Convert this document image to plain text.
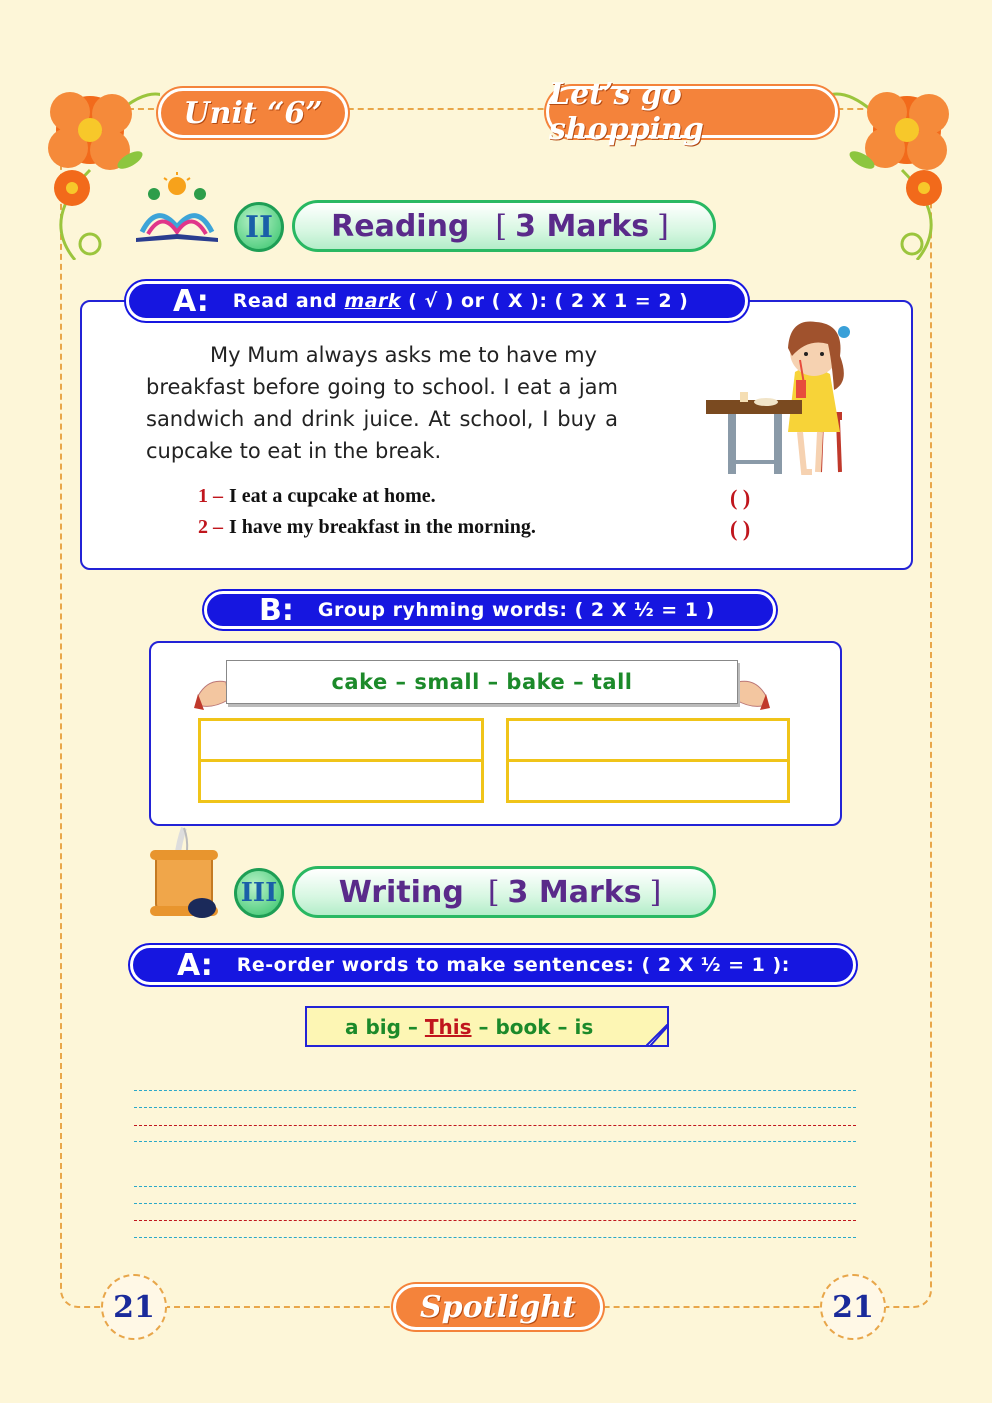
Unit “6”
Let’s go shopping
II	Reading [ 3 Marks ]
A: Read and mark ( √ ) or ( X ): ( 2 X 1 = 2 )
My Mum always asks me to have my
breakfast before going to school. I eat a jam sandwich and drink juice. At school, I buy a cupcake to eat in the break.
1 – I eat a cupcake at home.	( )
2 – I have my breakfast in the morning.	( )
B: Group ryhming words: ( 2 X ½ = 1 )
cake – small – bake – tall
III Writing [ 3 Marks ]
A: Re-order words to make sentences: ( 2 X ½ = 1 ):
a big –
This
– book – is
21	Spotlight	21
